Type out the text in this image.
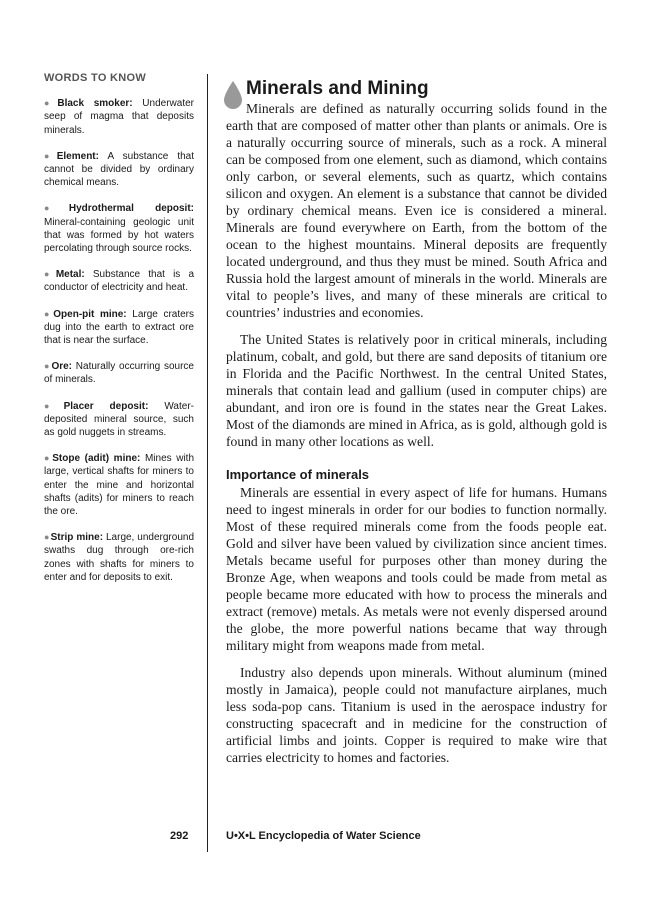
WORDS TO KNOW

●Black smoker: Underwater seep of magma that deposits minerals.

●Element: A substance that cannot be divided by ordinary chemical means.

●Hydrothermal deposit: Mineral-containing geologic unit that was formed by hot waters percolating through source rocks.

●Metal: Substance that is a conductor of electricity and heat.

●Open-pit mine: Large craters dug into the earth to extract ore that is near the surface.

●Ore: Naturally occurring source of minerals.

●Placer deposit: Water-deposited mineral source, such as gold nuggets in streams.

●Stope (adit) mine: Mines with large, vertical shafts for miners to enter the mine and horizontal shafts (adits) for miners to reach the ore.

●Strip mine: Large, underground swaths dug through ore-rich zones with shafts for miners to enter and for deposits to exit.

Minerals and Mining

Minerals are defined as naturally occurring solids found in the earth that are composed of matter other than plants or animals. Ore is a naturally occurring source of minerals, such as a rock. A mineral can be composed from one element, such as diamond, which contains only carbon, or several elements, such as quartz, which contains silicon and oxygen. An element is a substance that cannot be divided by ordinary chemical means. Even ice is considered a mineral. Minerals are found everywhere on Earth, from the bottom of the ocean to the highest mountains. Mineral deposits are frequently located underground, and thus they must be mined. South Africa and Russia hold the largest amount of minerals in the world. Minerals are vital to people’s lives, and many of these minerals are critical to countries’ industries and economies.

The United States is relatively poor in critical minerals, including platinum, cobalt, and gold, but there are sand deposits of titanium ore in Florida and the Pacific Northwest. In the central United States, minerals that contain lead and gallium (used in computer chips) are abundant, and iron ore is found in the states near the Great Lakes. Most of the diamonds are mined in Africa, as is gold, although gold is found in many other locations as well.

Importance of minerals

Minerals are essential in every aspect of life for humans. Humans need to ingest minerals in order for our bodies to function normally. Most of these required minerals come from the foods people eat. Gold and silver have been valued by civilization since ancient times. Metals became useful for purposes other than money during the Bronze Age, when weapons and tools could be made from metal as people became more educated with how to process the minerals and extract (remove) metals. As metals were not evenly dispersed around the globe, the more powerful nations became that way through military might from weapons made from metal.

Industry also depends upon minerals. Without aluminum (mined mostly in Jamaica), people could not manufacture airplanes, much less soda-pop cans. Titanium is used in the aerospace industry for constructing spacecraft and in medicine for the construction of artificial limbs and joints. Copper is required to make wire that carries electricity to homes and factories.

292	U•X•L Encyclopedia of Water Science
